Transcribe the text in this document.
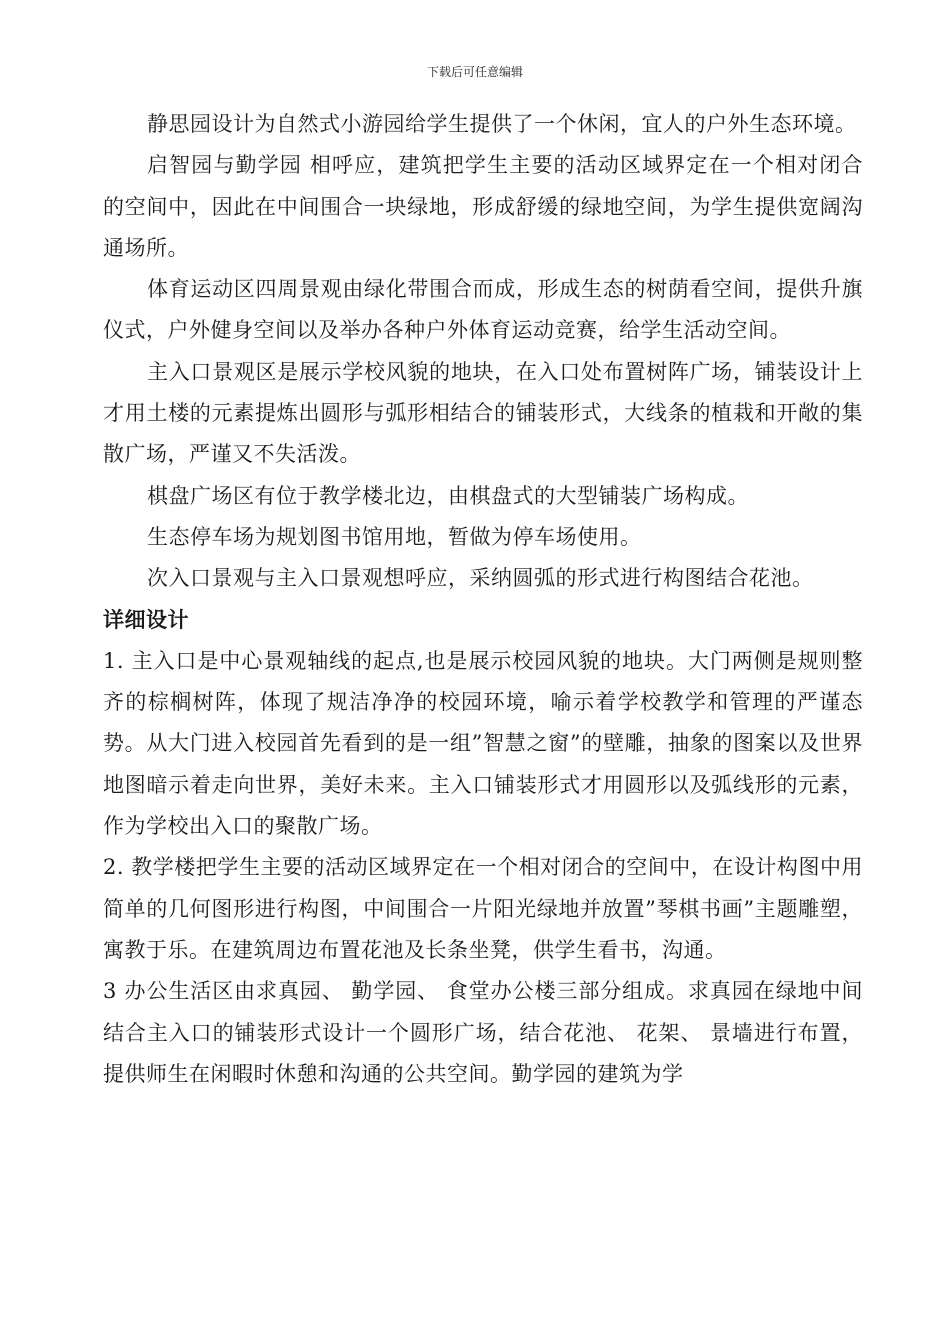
下载后可任意编辑

静思园设计为自然式小游园给学生提供了一个休闲，宜人的户外生态环境。

启智园与勤学园 相呼应，建筑把学生主要的活动区域界定在一个相对闭合的空间中，因此在中间围合一块绿地，形成舒缓的绿地空间，为学生提供宽阔沟通场所。

体育运动区四周景观由绿化带围合而成，形成生态的树荫看空间，提供升旗仪式，户外健身空间以及举办各种户外体育运动竞赛，给学生活动空间。

主入口景观区是展示学校风貌的地块，在入口处布置树阵广场，铺装设计上才用土楼的元素提炼出圆形与弧形相结合的铺装形式，大线条的植栽和开敞的集散广场，严谨又不失活泼。

棋盘广场区有位于教学楼北边，由棋盘式的大型铺装广场构成。

生态停车场为规划图书馆用地，暂做为停车场使用。

次入口景观与主入口景观想呼应，采纳圆弧的形式进行构图结合花池。

详细设计

1. 主入口是中心景观轴线的起点,也是展示校园风貌的地块。大门两侧是规则整齐的棕榈树阵，体现了规洁净净的校园环境，喻示着学校教学和管理的严谨态势。从大门进入校园首先看到的是一组”智慧之窗”的壁雕，抽象的图案以及世界地图暗示着走向世界，美好未来。主入口铺装形式才用圆形以及弧线形的元素，作为学校出入口的聚散广场。

2. 教学楼把学生主要的活动区域界定在一个相对闭合的空间中，在设计构图中用简单的几何图形进行构图，中间围合一片阳光绿地并放置”琴棋书画”主题雕塑，寓教于乐。在建筑周边布置花池及长条坐凳，供学生看书，沟通。

3 办公生活区由求真园、 勤学园、 食堂办公楼三部分组成。求真园在绿地中间结合主入口的铺装形式设计一个圆形广场，结合花池、 花架、 景墙进行布置，提供师生在闲暇时休憩和沟通的公共空间。勤学园的建筑为学
